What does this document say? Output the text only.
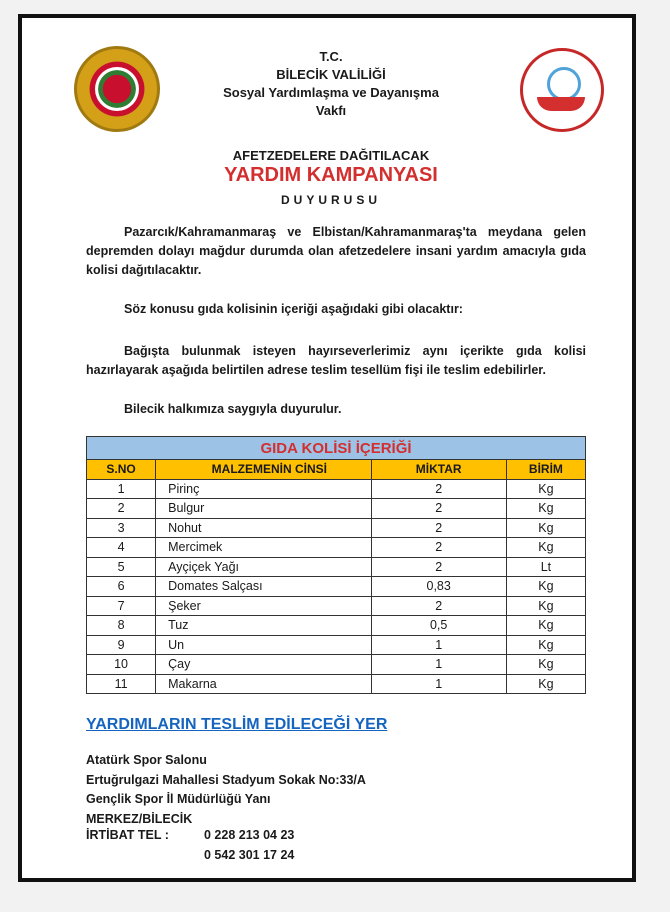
T.C.
BİLECİK VALİLİĞİ
Sosyal Yardımlaşma ve Dayanışma
Vakfı
AFETZEDELERE DAĞITILACAK
YARDIM KAMPANYASI
DUYURUSU
Pazarcık/Kahramanmaraş ve Elbistan/Kahramanmaraş'ta meydana gelen depremden dolayı mağdur durumda olan afetzedelere insani yardım amacıyla gıda kolisi dağıtılacaktır.
Söz konusu gıda kolisinin içeriği aşağıdaki gibi olacaktır:
Bağışta bulunmak isteyen hayırseverlerimiz aynı içerikte gıda kolisi hazırlayarak aşağıda belirtilen adrese teslim tesellüm fişi ile teslim edebilirler.
Bilecik halkımıza saygıyla duyurulur.
GIDA KOLİSİ İÇERİĞİ			
S.NO	MALZEMENİN CİNSİ	MİKTAR	BİRİM
1	Pirinç	2	Kg
2	Bulgur	2	Kg
3	Nohut	2	Kg
4	Mercimek	2	Kg
5	Ayçiçek Yağı	2	Lt
6	Domates Salçası	0,83	Kg
7	Şeker	2	Kg
8	Tuz	0,5	Kg
9	Un	1	Kg
10	Çay	1	Kg
11	Makarna	1	Kg
YARDIMLARIN TESLİM EDİLECEĞİ YER
Atatürk Spor Salonu
Ertuğrulgazi Mahallesi Stadyum Sokak No:33/A
Gençlik Spor İl Müdürlüğü Yanı
MERKEZ/BİLECİK
İRTİBAT TEL :	0 228 213 04 23
0 542 301 17 24
